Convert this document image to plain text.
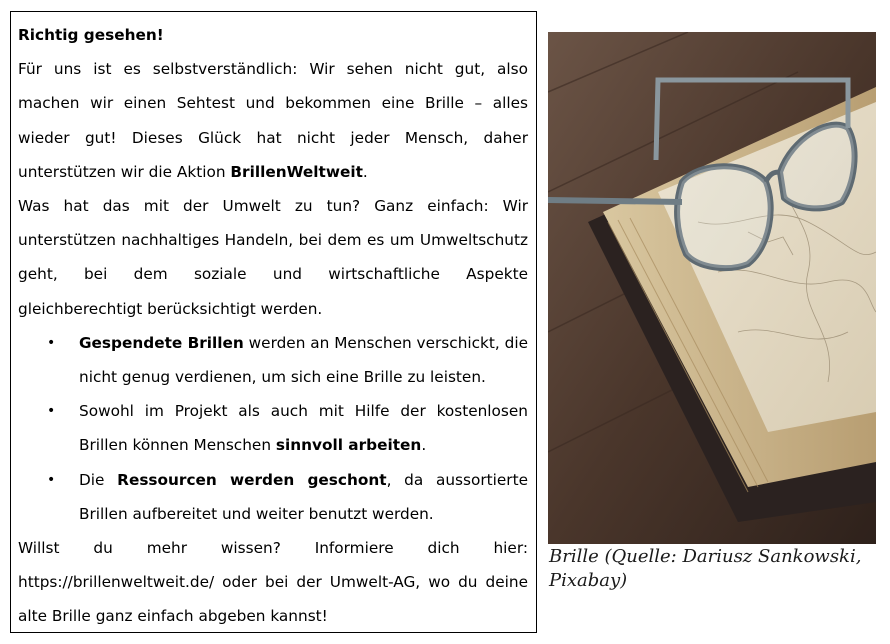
Richtig gesehen!

Für uns ist es selbstverständlich: Wir sehen nicht gut, also machen wir einen Sehtest und bekommen eine Brille – alles wieder gut! Dieses Glück hat nicht jeder Mensch, daher unterstützen wir die Aktion BrillenWeltweit.

Was hat das mit der Umwelt zu tun? Ganz einfach: Wir unterstützen nachhaltiges Handeln, bei dem es um Umweltschutz geht, bei dem soziale und wirtschaftliche Aspekte gleichberechtigt berücksichtigt werden.

• Gespendete Brillen werden an Menschen verschickt, die nicht genug verdienen, um sich eine Brille zu leisten.
• Sowohl im Projekt als auch mit Hilfe der kostenlosen Brillen können Menschen sinnvoll arbeiten.
• Die Ressourcen werden geschont, da aussortierte Brillen aufbereitet und weiter benutzt werden.

Willst du mehr wissen? Informiere dich hier: https://brillenweltweit.de/ oder bei der Umwelt-AG, wo du deine alte Brille ganz einfach abgeben kannst!

Brille (Quelle: Dariusz Sankowski, Pixabay)
